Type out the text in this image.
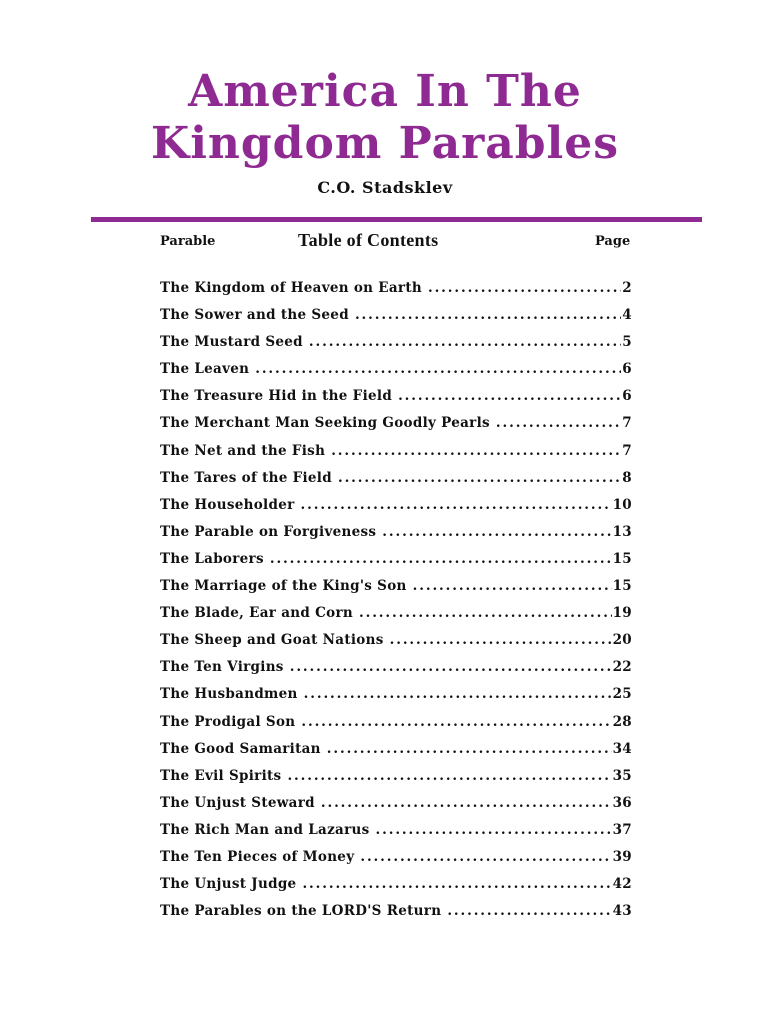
America In The
Kingdom Parables
C.O. Stadsklev
Parable	Table of Contents	Page
The Kingdom of Heaven on Earth . . .	2
The Sower and the Seed . . .	4
The Mustard Seed . . .	5
The Leaven . . .	6
The Treasure Hid in the Field . . .	6
The Merchant Man Seeking Goodly Pearls . . .	7
The Net and the Fish . . .	7
The Tares of the Field . . .	8
The Householder . . .	10
The Parable on Forgiveness . . .	13
The Laborers . . .	15
The Marriage of the King's Son . . .	15
The Blade, Ear and Corn . . .	19
The Sheep and Goat Nations . . .	20
The Ten Virgins . . .	22
The Husbandmen . . .	25
The Prodigal Son . . .	28
The Good Samaritan . . .	34
The Evil Spirits . . .	35
The Unjust Steward . . .	36
The Rich Man and Lazarus . . .	37
The Ten Pieces of Money . . .	39
The Unjust Judge . . .	42
The Parables on the LORD'S Return . . .	43
